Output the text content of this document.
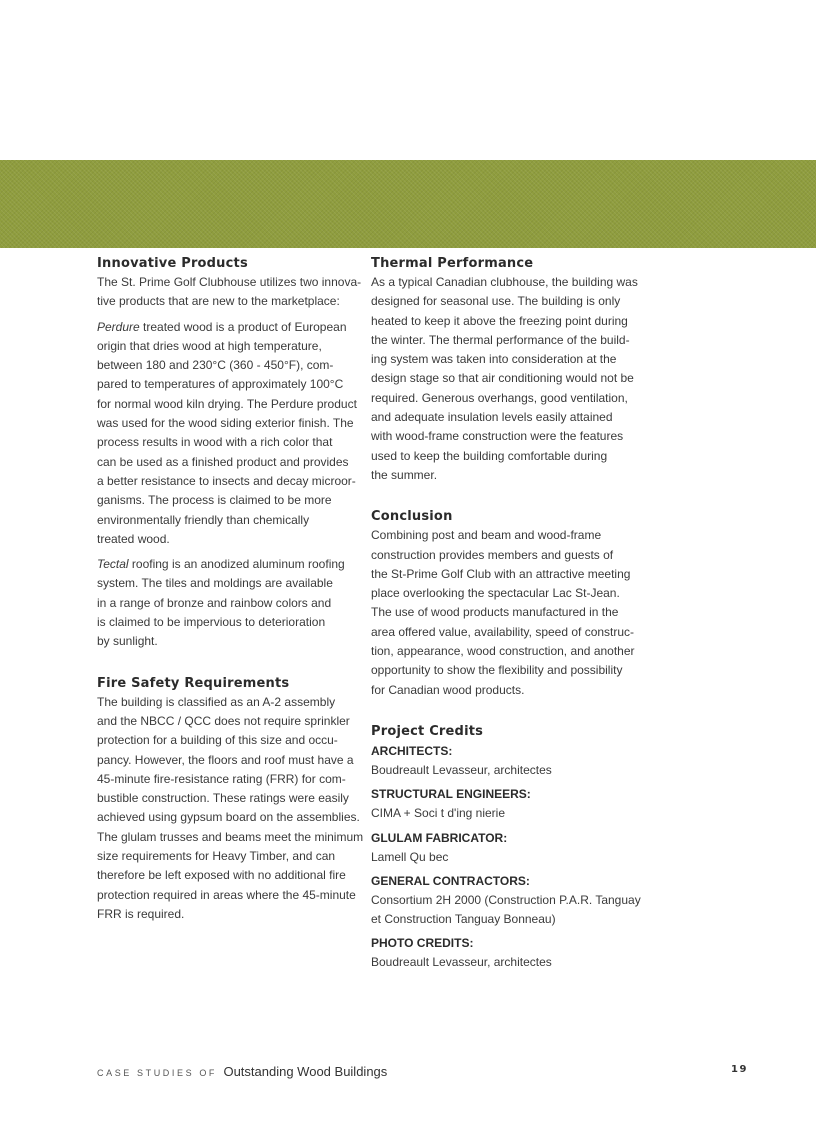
Innovative Products

The St. Prime Golf Clubhouse utilizes two innova-
tive products that are new to the marketplace:

Perdure treated wood is a product of European
origin that dries wood at high temperature,
between 180 and 230°C (360 - 450°F), com-
pared to temperatures of approximately 100°C
for normal wood kiln drying. The Perdure product
was used for the wood siding exterior finish. The
process results in wood with a rich color that
can be used as a finished product and provides
a better resistance to insects and decay microor-
ganisms. The process is claimed to be more
environmentally friendly than chemically
treated wood.

Tectal roofing is an anodized aluminum roofing
system. The tiles and moldings are available
in a range of bronze and rainbow colors and
is claimed to be impervious to deterioration
by sunlight.

Fire Safety Requirements

The building is classified as an A-2 assembly
and the NBCC / QCC does not require sprinkler
protection for a building of this size and occu-
pancy. However, the floors and roof must have a
45-minute fire-resistance rating (FRR) for com-
bustible construction. These ratings were easily
achieved using gypsum board on the assemblies.
The glulam trusses and beams meet the minimum
size requirements for Heavy Timber, and can
therefore be left exposed with no additional fire
protection required in areas where the 45-minute
FRR is required.

Thermal Performance

As a typical Canadian clubhouse, the building was
designed for seasonal use. The building is only
heated to keep it above the freezing point during
the winter. The thermal performance of the build-
ing system was taken into consideration at the
design stage so that air conditioning would not be
required. Generous overhangs, good ventilation,
and adequate insulation levels easily attained
with wood-frame construction were the features
used to keep the building comfortable during
the summer.

Conclusion

Combining post and beam and wood-frame
construction provides members and guests of
the St-Prime Golf Club with an attractive meeting
place overlooking the spectacular Lac St-Jean.
The use of wood products manufactured in the
area offered value, availability, speed of construc-
tion, appearance, wood construction, and another
opportunity to show the flexibility and possibility
for Canadian wood products.

Project Credits
ARCHITECTS:

Boudreault Levasseur, architectes

STRUCTURAL ENGINEERS:

CIMA + Soci t d'ing nierie

GLULAM FABRICATOR:

Lamell Qu bec

GENERAL CONTRACTORS:

Consortium 2H 2000 (Construction P.A.R. Tanguay
et Construction Tanguay Bonneau)

PHOTO CREDITS:

Boudreault Levasseur, architectes

CASE STUDIES OF Outstanding Wood Buildings	19
